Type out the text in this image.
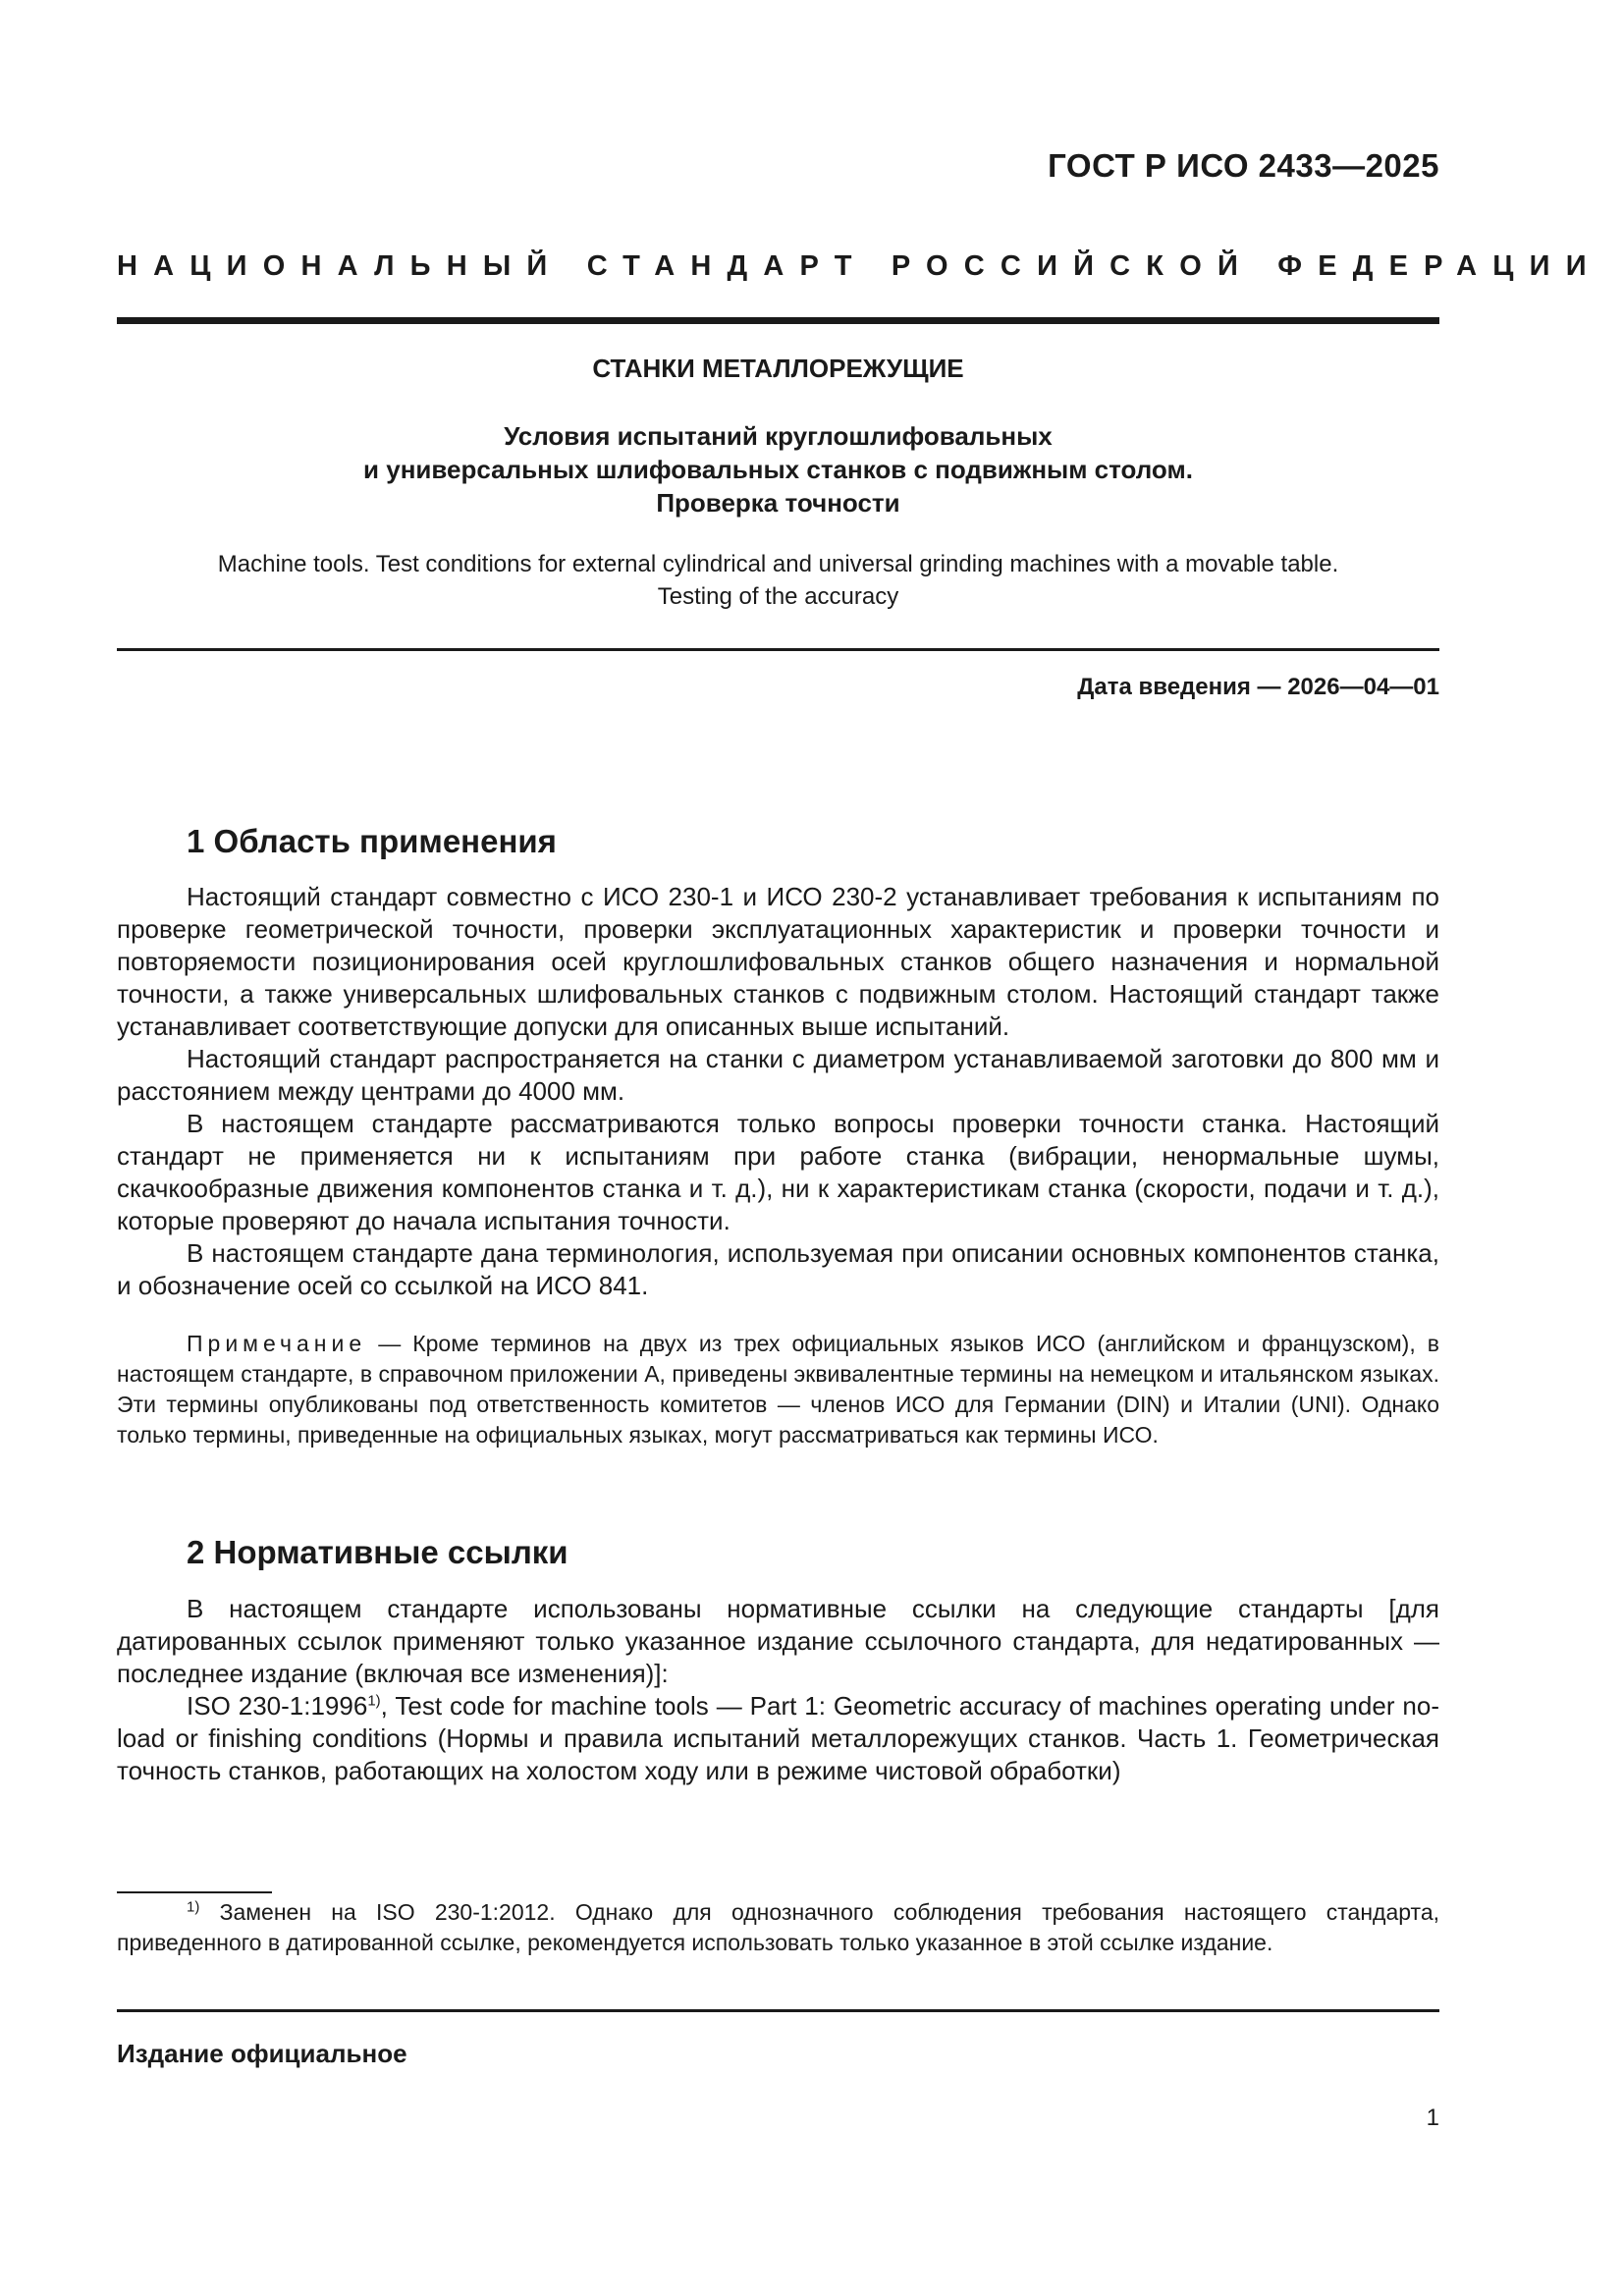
ГОСТ Р ИСО 2433—2025
НАЦИОНАЛЬНЫЙ СТАНДАРТ РОССИЙСКОЙ ФЕДЕРАЦИИ
СТАНКИ МЕТАЛЛОРЕЖУЩИЕ
Условия испытаний круглошлифовальных
и универсальных шлифовальных станков с подвижным столом.
Проверка точности
Machine tools. Test conditions for external cylindrical and universal grinding machines with a movable table.
Testing of the accuracy
Дата введения — 2026—04—01
1 Область применения

Настоящий стандарт совместно с ИСО 230-1 и ИСО 230-2 устанавливает требования к испытаниям по проверке геометрической точности, проверки эксплуатационных характеристик и проверки точности и повторяемости позиционирования осей круглошлифовальных станков общего назначения и нормальной точности, а также универсальных шлифовальных станков с подвижным столом. Настоящий стандарт также устанавливает соответствующие допуски для описанных выше испытаний.

Настоящий стандарт распространяется на станки с диаметром устанавливаемой заготовки до 800 мм и расстоянием между центрами до 4000 мм.

В настоящем стандарте рассматриваются только вопросы проверки точности станка. Настоящий стандарт не применяется ни к испытаниям при работе станка (вибрации, ненормальные шумы, скачкообразные движения компонентов станка и т. д.), ни к характеристикам станка (скорости, подачи и т. д.), которые проверяют до начала испытания точности.

В настоящем стандарте дана терминология, используемая при описании основных компонентов станка, и обозначение осей со ссылкой на ИСО 841.

Примечание — Кроме терминов на двух из трех официальных языков ИСО (английском и французском), в настоящем стандарте, в справочном приложении А, приведены эквивалентные термины на немецком и итальянском языках. Эти термины опубликованы под ответственность комитетов — членов ИСО для Германии (DIN) и Италии (UNI). Однако только термины, приведенные на официальных языках, могут рассматриваться как термины ИСО.

2 Нормативные ссылки

В настоящем стандарте использованы нормативные ссылки на следующие стандарты [для датированных ссылок применяют только указанное издание ссылочного стандарта, для недатированных — последнее издание (включая все изменения)]:

ISO 230-1:1996$^{1)}$, Test code for machine tools — Part 1: Geometric accuracy of machines operating under no-load or finishing conditions (Нормы и правила испытаний металлорежущих станков. Часть 1. Геометрическая точность станков, работающих на холостом ходу или в режиме чистовой обработки)

$^{1)}$ Заменен на ISO 230-1:2012. Однако для однозначного соблюдения требования настоящего стандарта, приведенного в датированной ссылке, рекомендуется использовать только указанное в этой ссылке издание.

Издание официальное
1
